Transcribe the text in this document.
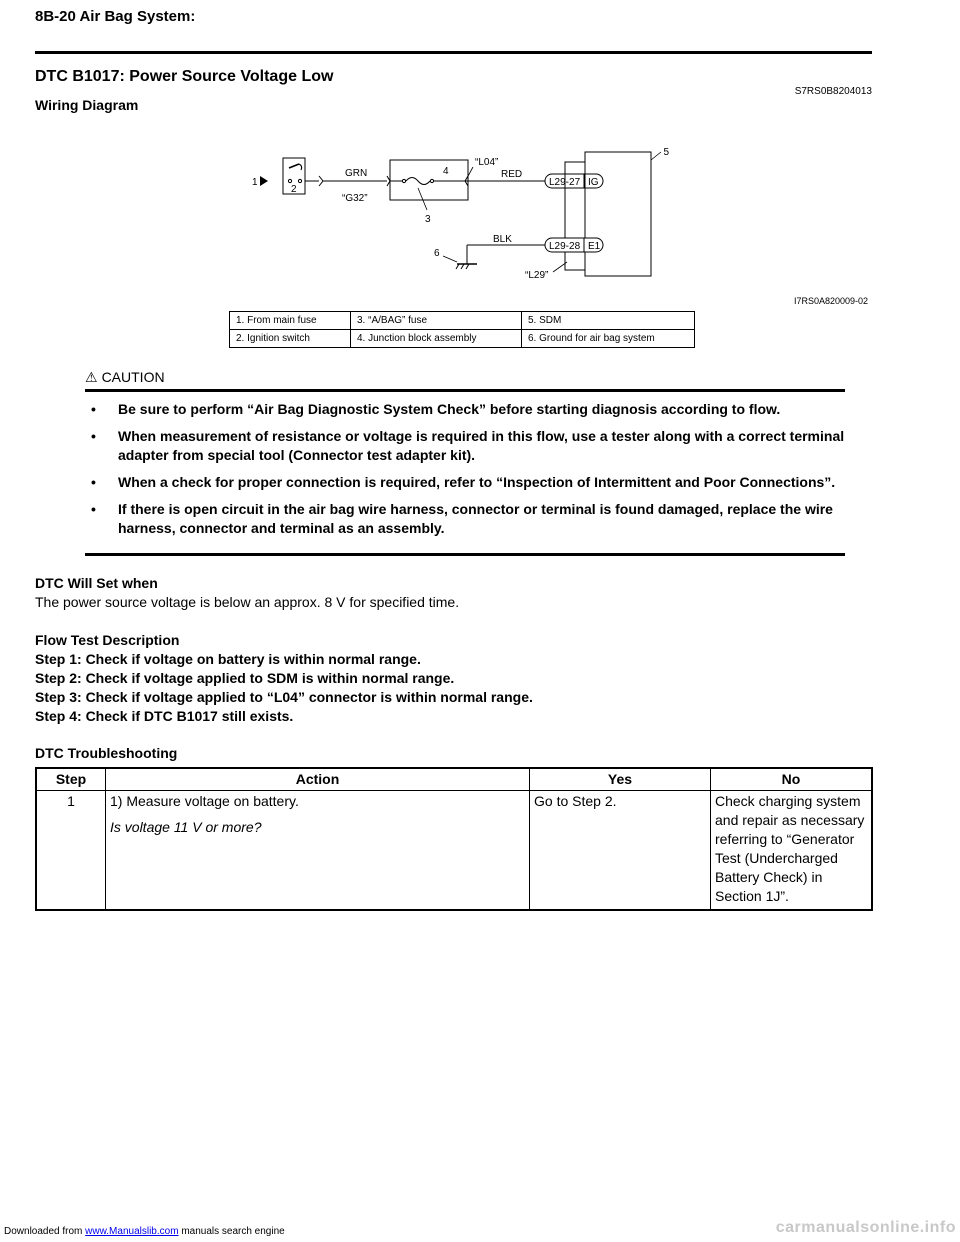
8B-20 Air Bag System:
DTC B1017: Power Source Voltage Low
S7RS0B8204013
Wiring Diagram
1
2
GRN
“G32”
4
3
“L04”
RED
L29-27 IG
5
L29-28 E1
BLK
6
“L29”
I7RS0A820009-02
1. From main fuse	3. “A/BAG” fuse	5. SDM
2. Ignition switch	4. Junction block assembly	6. Ground for air bag system
⚠ CAUTION
• Be sure to perform “Air Bag Diagnostic System Check” before starting diagnosis according to flow.
• When measurement of resistance or voltage is required in this flow, use a tester along with a correct terminal adapter from special tool (Connector test adapter kit).
• When a check for proper connection is required, refer to “Inspection of Intermittent and Poor Connections”.
• If there is open circuit in the air bag wire harness, connector or terminal is found damaged, replace the wire harness, connector and terminal as an assembly.
DTC Will Set when
The power source voltage is below an approx. 8 V for specified time.
Flow Test Description
Step 1: Check if voltage on battery is within normal range.
Step 2: Check if voltage applied to SDM is within normal range.
Step 3: Check if voltage applied to “L04” connector is within normal range.
Step 4: Check if DTC B1017 still exists.
DTC Troubleshooting
Step	Action	Yes	No
1	1) Measure voltage on battery.
Is voltage 11 V or more?	Go to Step 2.	Check charging system and repair as necessary referring to “Generator Test (Undercharged Battery Check) in Section 1J”.
Downloaded from www.Manualslib.com manuals search engine	carmanualsonline.info
